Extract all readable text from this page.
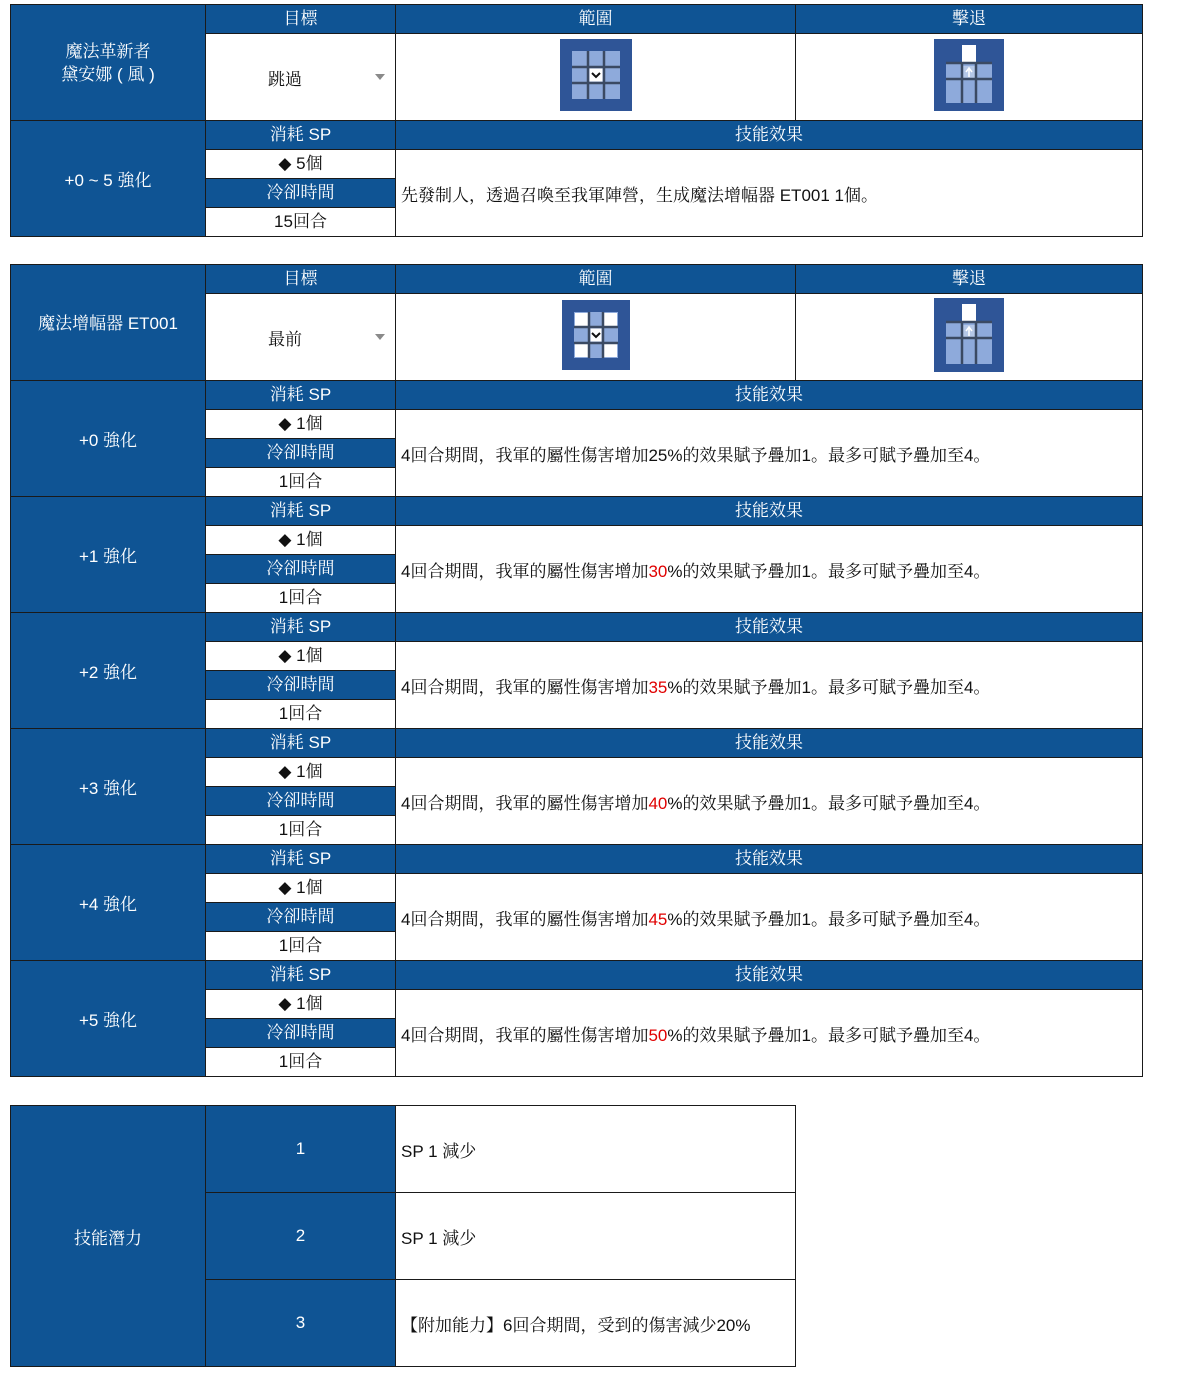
魔法革新者
黛安娜 ( 風 )	目標	範圍	擊退

	跳過

+0 ~ 5 強化	消耗 SP	技能效果	
	◆ 5個	先發制人，透過召喚至我軍陣營，生成魔法增幅器 ET001 1個。	
	冷卻時間		
	15回合		
魔法增幅器 ET001	目標	範圍	擊退

	最前

+0 強化	消耗 SP	技能效果	
	◆ 1個	4回合期間，我軍的屬性傷害增加25%的效果賦予疊加1。最多可賦予疊加至4。	
	冷卻時間		
	1回合		
+1 強化	消耗 SP	技能效果	
	◆ 1個	4回合期間，我軍的屬性傷害增加30%的效果賦予疊加1。最多可賦予疊加至4。	
	冷卻時間		
	1回合		
+2 強化	消耗 SP	技能效果	
	◆ 1個	4回合期間，我軍的屬性傷害增加35%的效果賦予疊加1。最多可賦予疊加至4。	
	冷卻時間		
	1回合		
+3 強化	消耗 SP	技能效果	
	◆ 1個	4回合期間，我軍的屬性傷害增加40%的效果賦予疊加1。最多可賦予疊加至4。	
	冷卻時間		
	1回合		
+4 強化	消耗 SP	技能效果	
	◆ 1個	4回合期間，我軍的屬性傷害增加45%的效果賦予疊加1。最多可賦予疊加至4。	
	冷卻時間		
	1回合		
+5 強化	消耗 SP	技能效果	
	◆ 1個	4回合期間，我軍的屬性傷害增加50%的效果賦予疊加1。最多可賦予疊加至4。	
	冷卻時間		
	1回合		
技能潛力	1	SP 1 減少
	2	SP 1 減少
	3	【附加能力】6回合期間，受到的傷害減少20%
